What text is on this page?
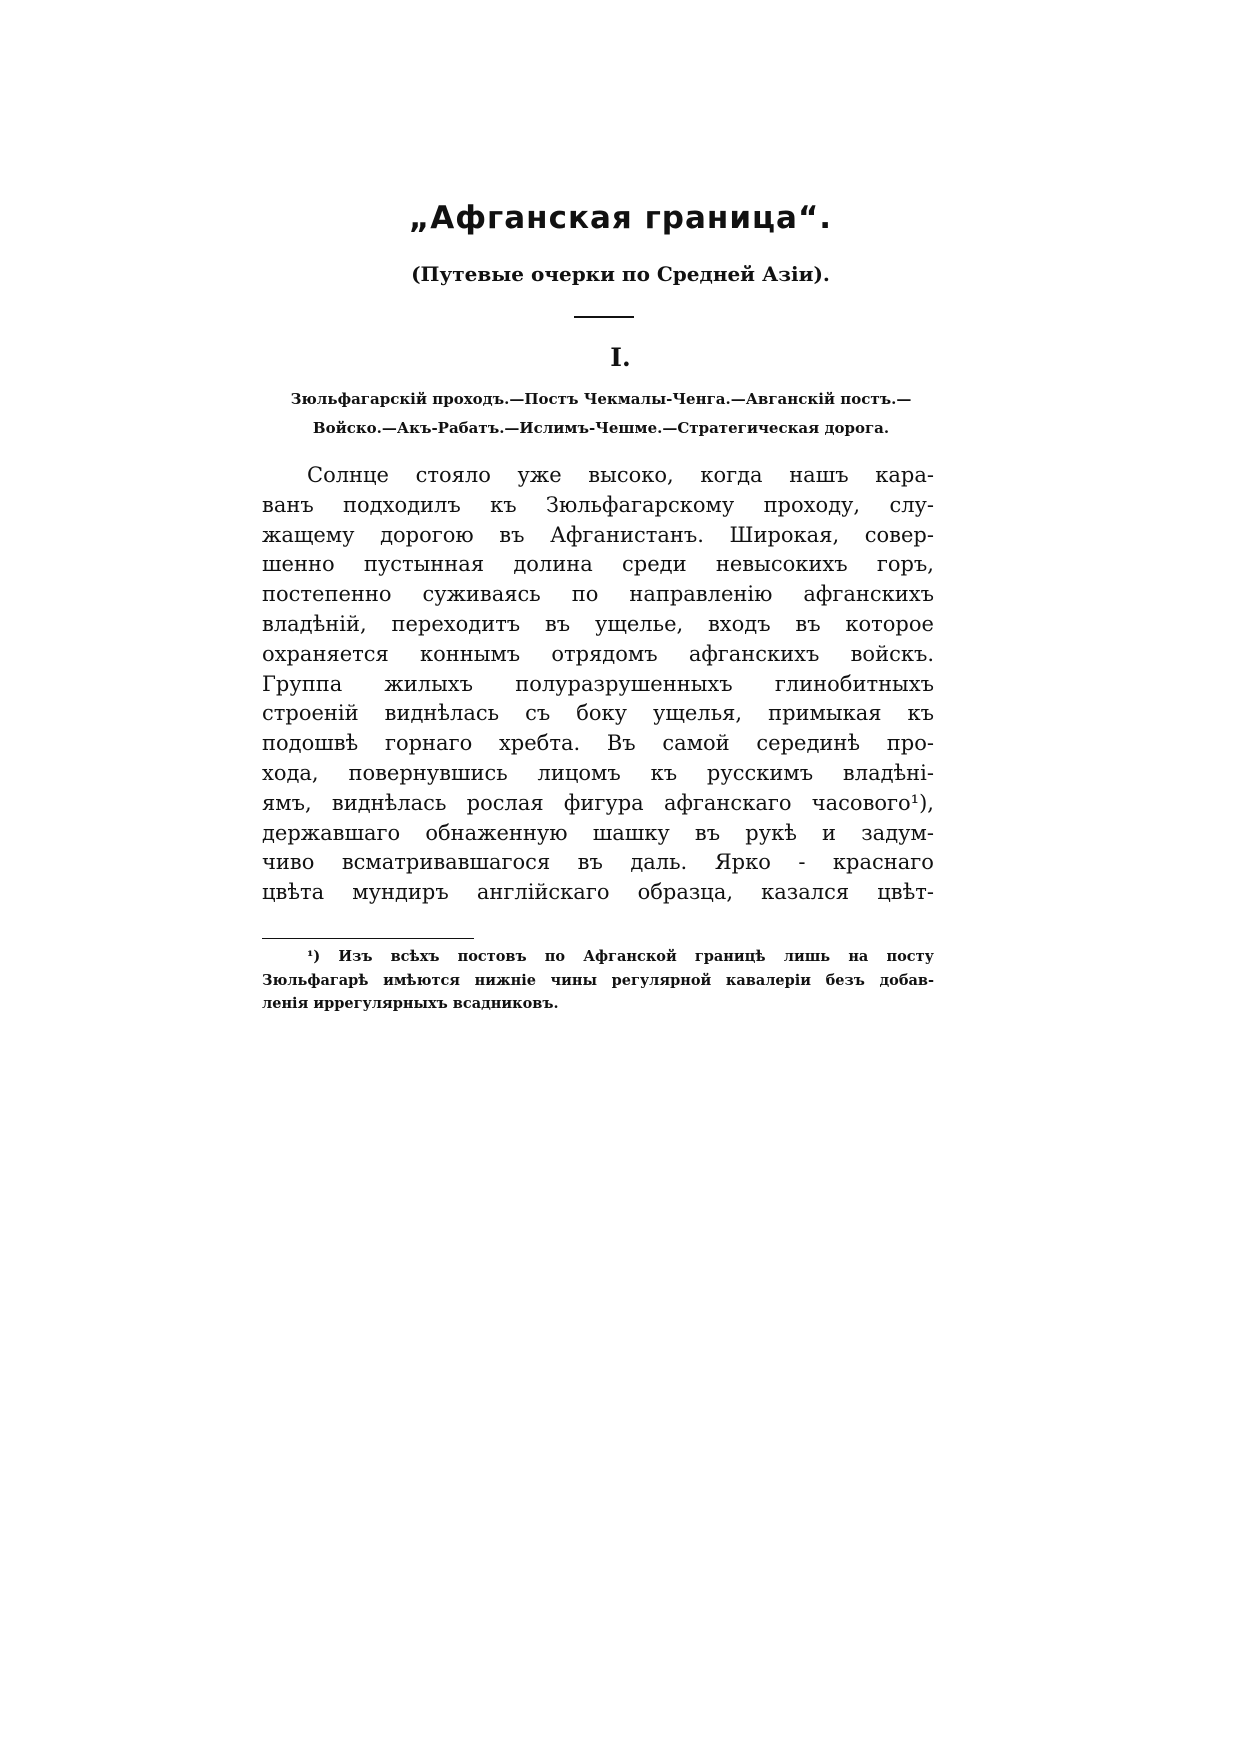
„Афганская граница“.
(Путевые очерки по Средней Азіи).
I.
Зюльфагарскій проходъ.—Постъ Чекмалы-Ченга.—Авганскій постъ.—
Войско.—Акъ-Рабатъ.—Ислимъ-Чешме.—Стратегическая дорога.
Солнце стояло уже высоко, когда нашъ кара-
ванъ подходилъ къ Зюльфагарскому проходу, слу-
жащему дорогою въ Афганистанъ. Широкая, совер-
шенно пустынная долина среди невысокихъ горъ,
постепенно суживаясь по направленію афганскихъ
владѣній, переходитъ въ ущелье, входъ въ которое
охраняется коннымъ отрядомъ афганскихъ войскъ.
Группа жилыхъ полуразрушенныхъ глинобитныхъ
строеній виднѣлась съ боку ущелья, примыкая къ
подошвѣ горнаго хребта. Въ самой серединѣ про-
хода, повернувшись лицомъ къ русскимъ владѣні-
ямъ, виднѣлась рослая фигура афганскаго часового¹),
державшаго обнаженную шашку въ рукѣ и задум-
чиво всматривавшагося въ даль. Ярко - краснаго
цвѣта мундиръ англійскаго образца, казался цвѣт-
¹) Изъ всѣхъ постовъ по Афганской границѣ лишь на посту
Зюльфагарѣ имѣются нижніе чины регулярной кавалеріи безъ добав-
ленія иррегулярныхъ всадниковъ.
